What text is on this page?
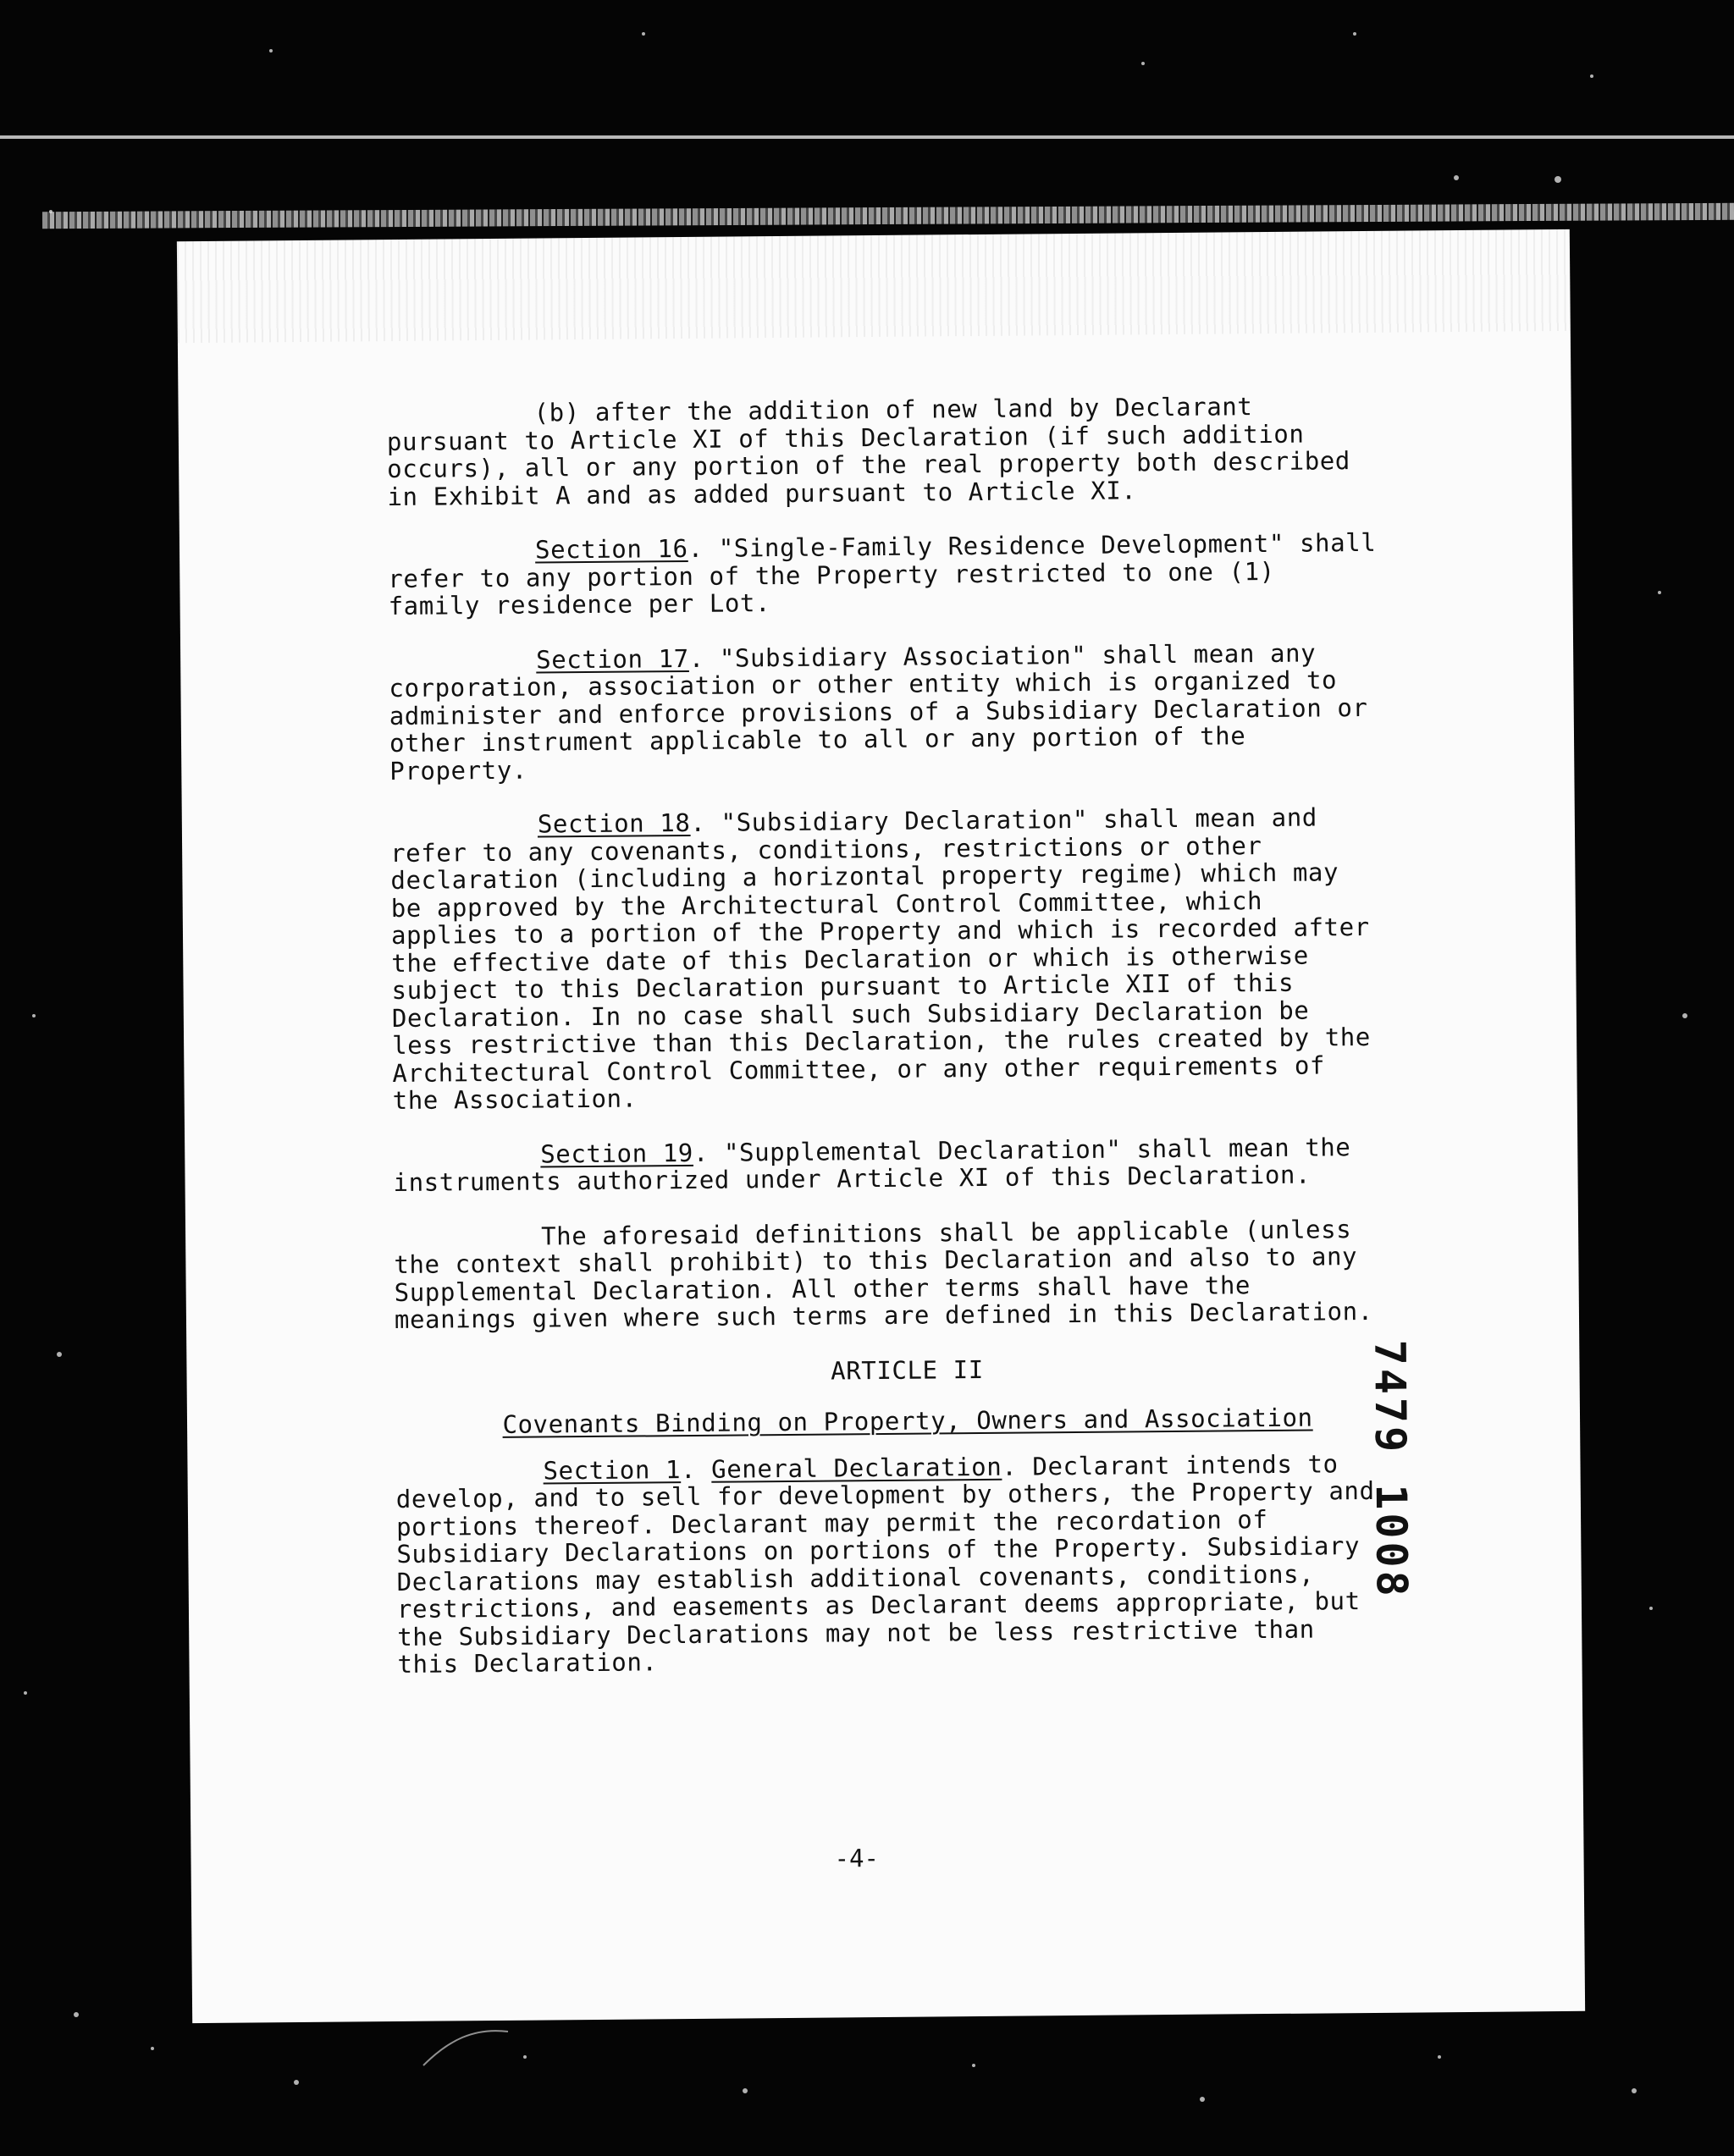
(b) after the addition of new land by Declarant pursuant to Article XI of this Declaration (if such addition occurs), all or any portion of the real property both described in Exhibit A and as added pursuant to Article XI.

Section 16. "Single-Family Residence Development" shall refer to any portion of the Property restricted to one (1) family residence per Lot.

Section 17. "Subsidiary Association" shall mean any corporation, association or other entity which is organized to administer and enforce provisions of a Subsidiary Declaration or other instrument applicable to all or any portion of the Property.

Section 18. "Subsidiary Declaration" shall mean and refer to any covenants, conditions, restrictions or other declaration (including a horizontal property regime) which may be approved by the Architectural Control Committee, which applies to a portion of the Property and which is recorded after the effective date of this Declaration or which is otherwise subject to this Declaration pursuant to Article XII of this Declaration. In no case shall such Subsidiary Declaration be less restrictive than this Declaration, the rules created by the Architectural Control Committee, or any other requirements of the Association.

Section 19. "Supplemental Declaration" shall mean the instruments authorized under Article XI of this Declaration.

The aforesaid definitions shall be applicable (unless the context shall prohibit) to this Declaration and also to any Supplemental Declaration. All other terms shall have the meanings given where such terms are defined in this Declaration.

ARTICLE II
Covenants Binding on Property, Owners and Association

Section 1. General Declaration. Declarant intends to develop, and to sell for development by others, the Property and portions thereof. Declarant may permit the recordation of Subsidiary Declarations on portions of the Property. Subsidiary Declarations may establish additional covenants, conditions, restrictions, and easements as Declarant deems appropriate, but the Subsidiary Declarations may not be less restrictive than this Declaration.

7479 1008
-4-
